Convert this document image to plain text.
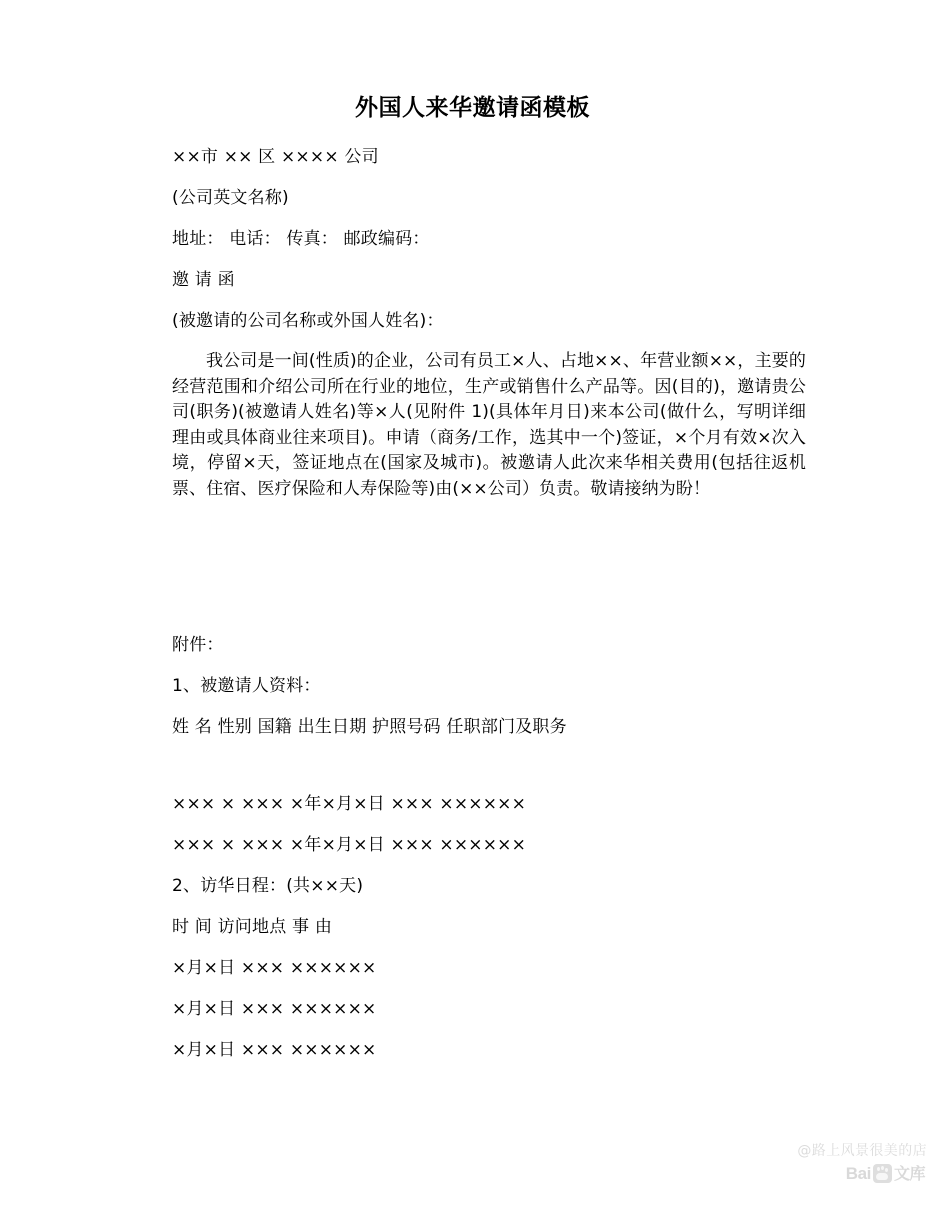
外国人来华邀请函模板
××市 ×× 区 ×××× 公司
(公司英文名称)
地址： 电话： 传真： 邮政编码：
邀 请 函
(被邀请的公司名称或外国人姓名)：
我公司是一间(性质)的企业，公司有员工×人、占地××、年营业额××，主要的经营范围和介绍公司所在行业的地位，生产或销售什么产品等。因(目的)，邀请贵公司(职务)(被邀请人姓名)等×人(见附件 1)(具体年月日)来本公司(做什么，写明详细理由或具体商业往来项目)。申请（商务/工作，选其中一个)签证，×个月有效×次入境，停留×天，签证地点在(国家及城市)。被邀请人此次来华相关费用(包括往返机票、住宿、医疗保险和人寿保险等)由(××公司）负责。敬请接纳为盼！
附件：
1、被邀请人资料：
姓 名 性别 国籍 出生日期 护照号码 任职部门及职务
××× × ××× ×年×月×日 ××× ××××××
××× × ××× ×年×月×日 ××× ××××××
2、访华日程：(共××天)
时 间 访问地点 事 由
×月×日 ××× ××××××
×月×日 ××× ××××××
×月×日 ××× ××××××
@路上风景很美的店
Bai 文库
